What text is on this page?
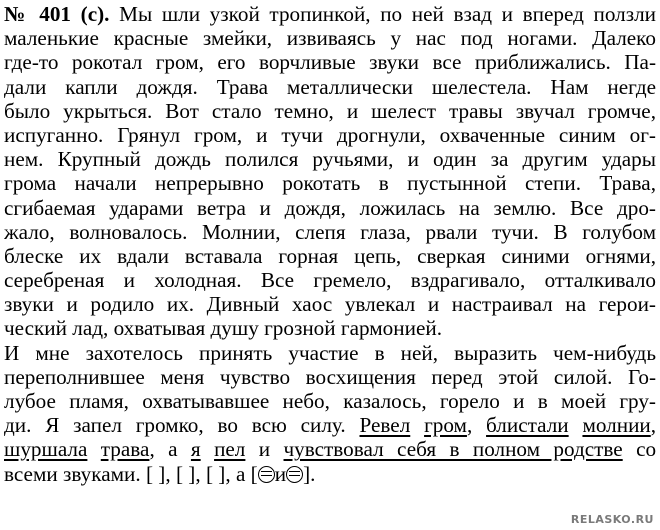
№ 401 (с). Мы шли узкой тропинкой, по ней взад и вперед ползли
маленькие красные змейки, извиваясь у нас под ногами. Далеко
где-то рокотал гром, его ворчливые звуки все приближались. Па-
дали капли дождя. Трава металлически шелестела. Нам негде
было укрыться. Вот стало темно, и шелест травы звучал громче,
испуганно. Грянул гром, и тучи дрогнули, охваченные синим ог-
нем. Крупный дождь полился ручьями, и один за другим удары
грома начали непрерывно рокотать в пустынной степи. Трава,
сгибаемая ударами ветра и дождя, ложилась на землю. Все дро-
жало, волновалось. Молнии, слепя глаза, рвали тучи. В голубом
блеске их вдали вставала горная цепь, сверкая синими огнями,
серебреная и холодная. Все гремело, вздрагивало, отталкивало
звуки и родило их. Дивный хаос увлекал и настраивал на герои-
ческий лад, охватывая душу грозной гармонией.
И мне захотелось принять участие в ней, выразить чем-нибудь
переполнившее меня чувство восхищения перед этой силой. Го-
лубое пламя, охватывавшее небо, казалось, горело и в моей гру-
ди. Я запел громко, во всю силу. Ревел гром, блистали молнии,
шуршала трава, а я пел и чувствовал себя в полном родстве со
всеми звуками. [ ], [ ], [ ], а [ и ].
RELASKO.RU
